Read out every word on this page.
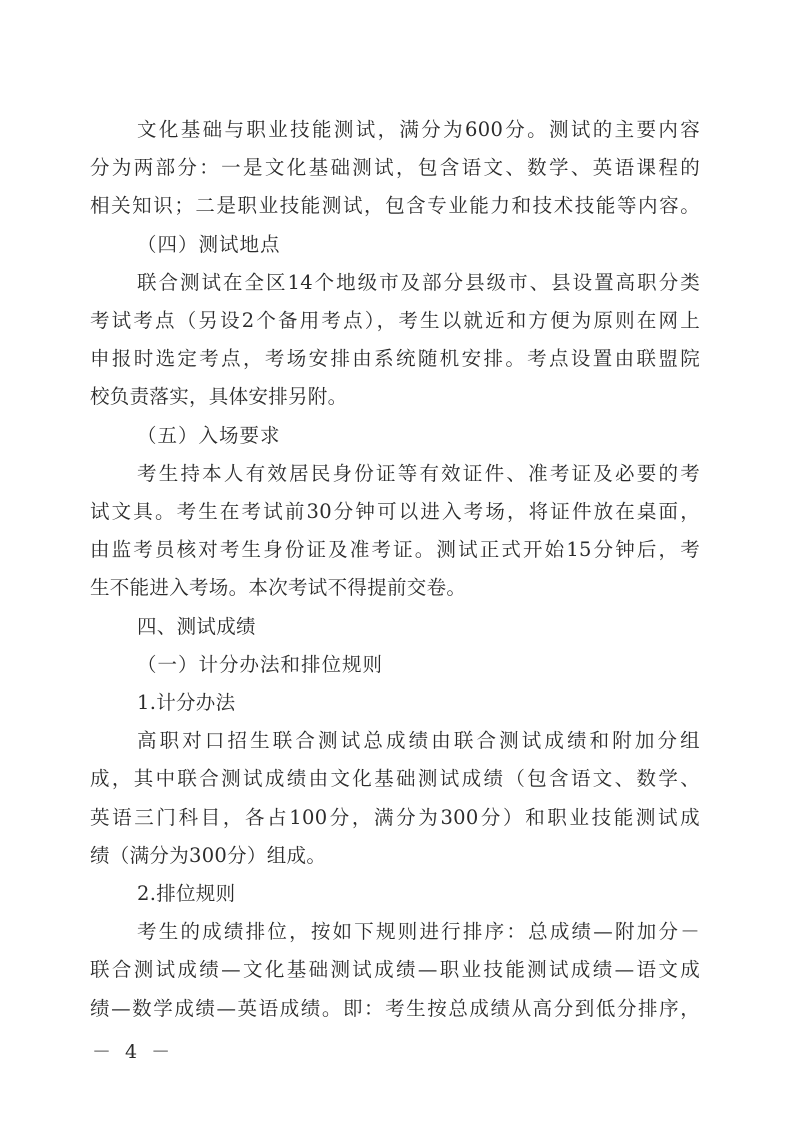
文化基础与职业技能测试，满分为600分。测试的主要内容
分为两部分：一是文化基础测试，包含语文、数学、英语课程的
相关知识；二是职业技能测试，包含专业能力和技术技能等内容。
（四）测试地点
联合测试在全区14个地级市及部分县级市、县设置高职分类
考试考点（另设2个备用考点），考生以就近和方便为原则在网上
申报时选定考点，考场安排由系统随机安排。考点设置由联盟院
校负责落实，具体安排另附。
（五）入场要求
考生持本人有效居民身份证等有效证件、准考证及必要的考
试文具。考生在考试前30分钟可以进入考场，将证件放在桌面，
由监考员核对考生身份证及准考证。测试正式开始15分钟后，考
生不能进入考场。本次考试不得提前交卷。
四、测试成绩
（一）计分办法和排位规则
1.计分办法
高职对口招生联合测试总成绩由联合测试成绩和附加分组
成，其中联合测试成绩由文化基础测试成绩（包含语文、数学、
英语三门科目，各占100分，满分为300分）和职业技能测试成
绩（满分为300分）组成。
2.排位规则
考生的成绩排位，按如下规则进行排序：总成绩—附加分－
联合测试成绩—文化基础测试成绩—职业技能测试成绩—语文成
绩—数学成绩—英语成绩。即：考生按总成绩从高分到低分排序，
－ 4 －
